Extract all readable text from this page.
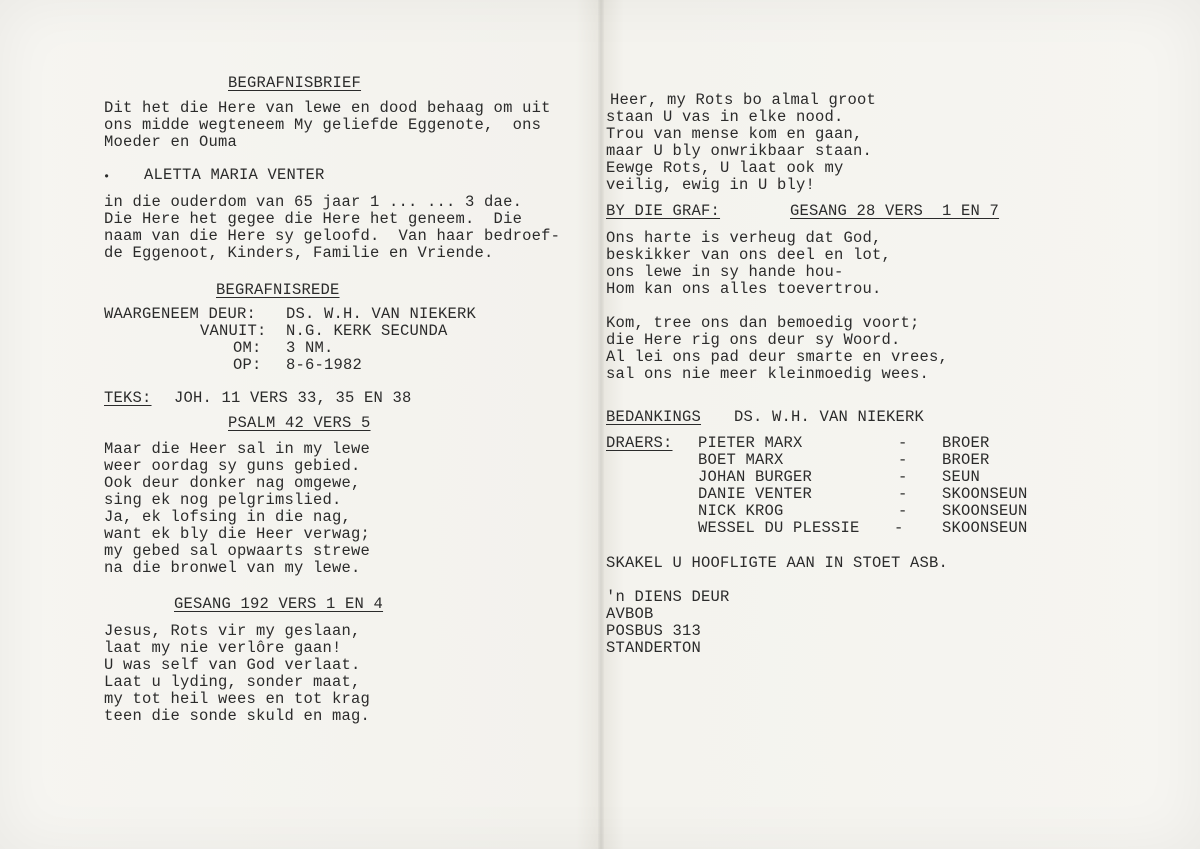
BEGRAFNISBRIEF
Dit het die Here van lewe en dood behaag om uit
ons midde wegteneem My geliefde Eggenote,  ons
Moeder en Ouma
• ALETTA MARIA VENTER
in die ouderdom van 65 jaar 1 ... ... 3 dae.
Die Here het gegee die Here het geneem.  Die
naam van die Here sy geloofd.  Van haar bedroef-
de Eggenoot, Kinders, Familie en Vriende.
BEGRAFNISREDE
WAARGENEEM DEUR: DS. W.H. VAN NIEKERK
VANUIT: N.G. KERK SECUNDA
OM: 3 NM.
OP: 8-6-1982
TEKS: JOH. 11 VERS 33, 35 EN 38
PSALM 42 VERS 5
Maar die Heer sal in my lewe
weer oordag sy guns gebied.
Ook deur donker nag omgewe,
sing ek nog pelgrimslied.
Ja, ek lofsing in die nag,
want ek bly die Heer verwag;
my gebed sal opwaarts strewe
na die bronwel van my lewe.
GESANG 192 VERS 1 EN 4
Jesus, Rots vir my geslaan,
laat my nie verlôre gaan!
U was self van God verlaat.
Laat u lyding, sonder maat,
my tot heil wees en tot krag
teen die sonde skuld en mag.
Heer, my Rots bo almal groot
staan U vas in elke nood.
Trou van mense kom en gaan,
maar U bly onwrikbaar staan.
Eewge Rots, U laat ook my
veilig, ewig in U bly!
BY DIE GRAF:	GESANG 28 VERS  1 EN 7
Ons harte is verheug dat God,
beskikker van ons deel en lot,
ons lewe in sy hande hou-
Hom kan ons alles toevertrou.
Kom, tree ons dan bemoedig voort;
die Here rig ons deur sy Woord.
Al lei ons pad deur smarte en vrees,
sal ons nie meer kleinmoedig wees.
BEDANKINGS DS. W.H. VAN NIEKERK
DRAERS: PIETER MARX	- BROER
BOET MARX	- BROER
JOHAN BURGER	- SEUN
DANIE VENTER	- SKOONSEUN
NICK KROG	- SKOONSEUN
WESSEL DU PLESSIE - SKOONSEUN
SKAKEL U HOOFLIGTE AAN IN STOET ASB.
'n DIENS DEUR
AVBOB
POSBUS 313
STANDERTON
